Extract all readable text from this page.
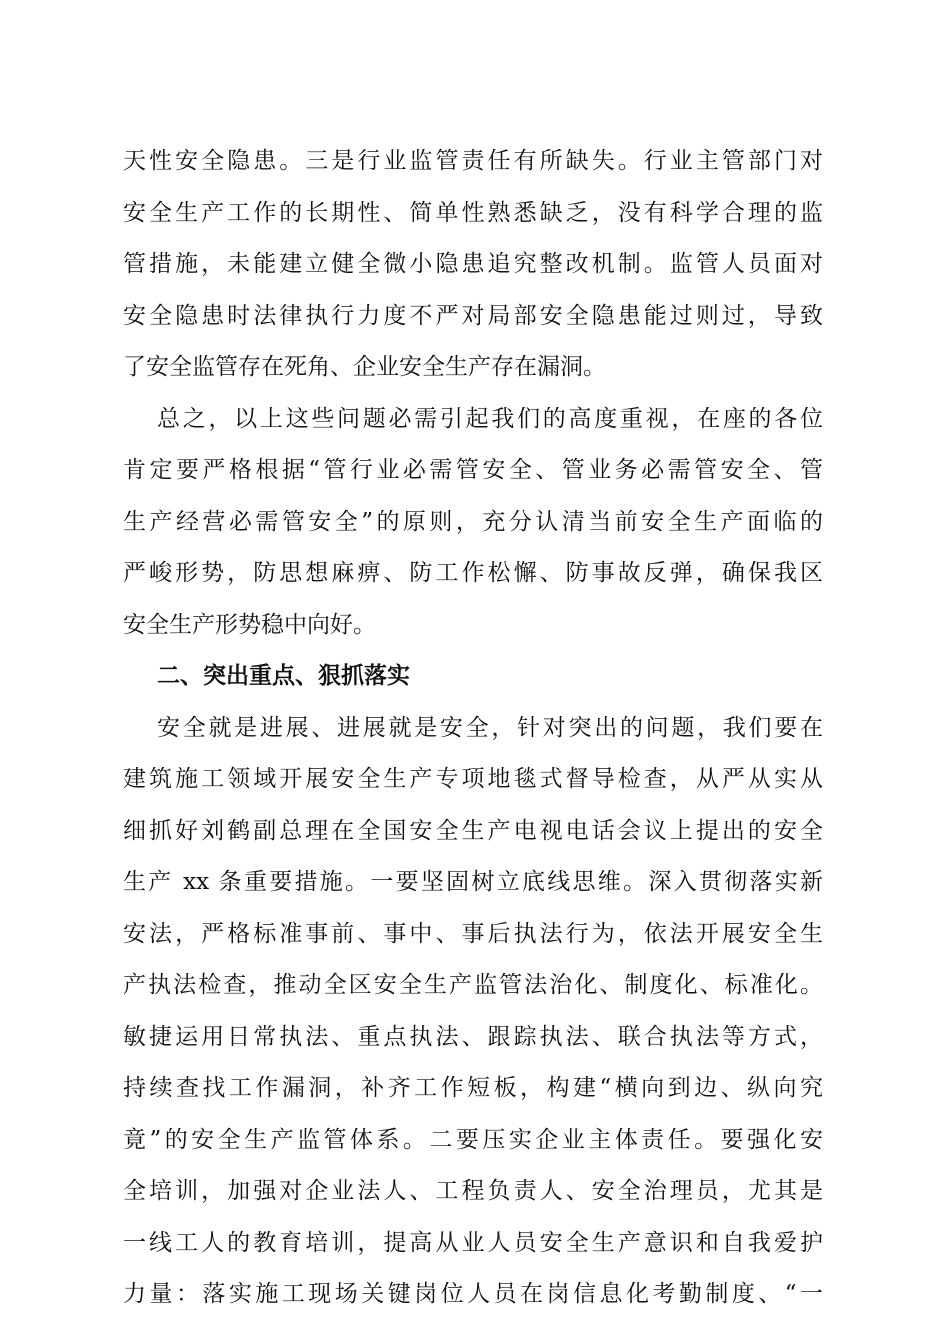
天性安全隐患。三是行业监管责任有所缺失。行业主管部门对
安全生产工作的长期性、简单性熟悉缺乏，没有科学合理的监
管措施，未能建立健全微小隐患追究整改机制。监管人员面对
安全隐患时法律执行力度不严对局部安全隐患能过则过，导致
了安全监管存在死角、企业安全生产存在漏洞。
总之，以上这些问题必需引起我们的高度重视，在座的各位
肯定要严格根据“管行业必需管安全、管业务必需管安全、管
生产经营必需管安全”的原则，充分认清当前安全生产面临的
严峻形势，防思想麻痹、防工作松懈、防事故反弹，确保我区
安全生产形势稳中向好。
二、突出重点、狠抓落实
安全就是进展、进展就是安全，针对突出的问题，我们要在
建筑施工领域开展安全生产专项地毯式督导检查，从严从实从
细抓好刘鹤副总理在全国安全生产电视电话会议上提出的安全
生产 xx 条重要措施。一要坚固树立底线思维。深入贯彻落实新
安法，严格标准事前、事中、事后执法行为，依法开展安全生
产执法检查，推动全区安全生产监管法治化、制度化、标准化。
敏捷运用日常执法、重点执法、跟踪执法、联合执法等方式，
持续查找工作漏洞，补齐工作短板，构建“横向到边、纵向究
竟”的安全生产监管体系。二要压实企业主体责任。要强化安
全培训，加强对企业法人、工程负责人、安全治理员，尤其是
一线工人的教育培训，提高从业人员安全生产意识和自我爱护
力量：落实施工现场关键岗位人员在岗信息化考勤制度、“一
